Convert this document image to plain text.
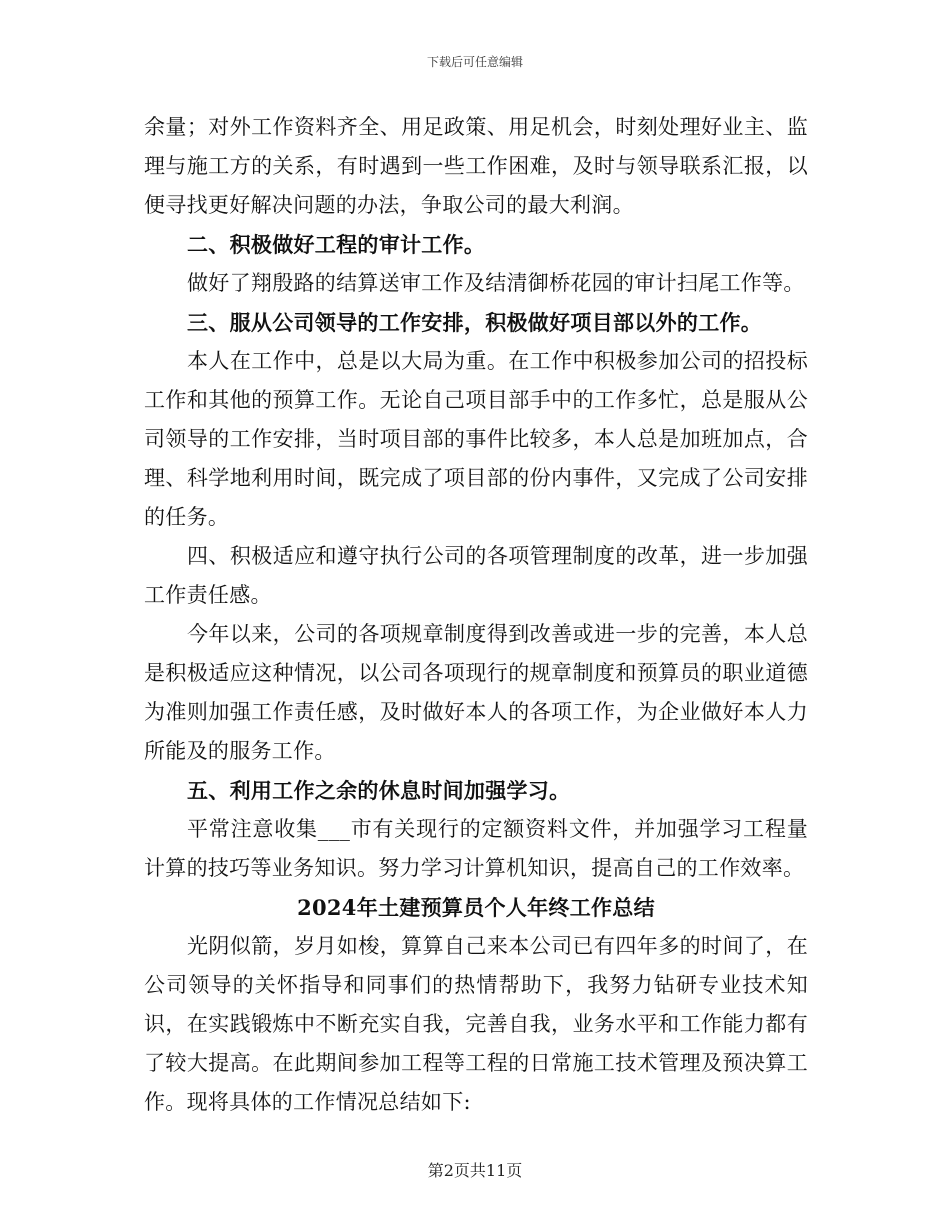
下载后可任意编辑

余量；对外工作资料齐全、用足政策、用足机会，时刻处理好业主、监理与施工方的关系，有时遇到一些工作困难，及时与领导联系汇报，以便寻找更好解决问题的办法，争取公司的最大利润。

二、积极做好工程的审计工作。

做好了翔殷路的结算送审工作及结清御桥花园的审计扫尾工作等。

三、服从公司领导的工作安排，积极做好项目部以外的工作。

本人在工作中，总是以大局为重。在工作中积极参加公司的招投标工作和其他的预算工作。无论自己项目部手中的工作多忙，总是服从公司领导的工作安排，当时项目部的事件比较多，本人总是加班加点，合理、科学地利用时间，既完成了项目部的份内事件，又完成了公司安排的任务。

四、积极适应和遵守执行公司的各项管理制度的改革，进一步加强工作责任感。

今年以来，公司的各项规章制度得到改善或进一步的完善，本人总是积极适应这种情况，以公司各项现行的规章制度和预算员的职业道德为准则加强工作责任感，及时做好本人的各项工作，为企业做好本人力所能及的服务工作。

五、利用工作之余的休息时间加强学习。

平常注意收集___市有关现行的定额资料文件，并加强学习工程量计算的技巧等业务知识。努力学习计算机知识，提高自己的工作效率。

2024年土建预算员个人年终工作总结

光阴似箭，岁月如梭，算算自己来本公司已有四年多的时间了，在公司领导的关怀指导和同事们的热情帮助下，我努力钻研专业技术知识，在实践锻炼中不断充实自我，完善自我，业务水平和工作能力都有了较大提高。在此期间参加工程等工程的日常施工技术管理及预决算工作。现将具体的工作情况总结如下:

第2页共11页
